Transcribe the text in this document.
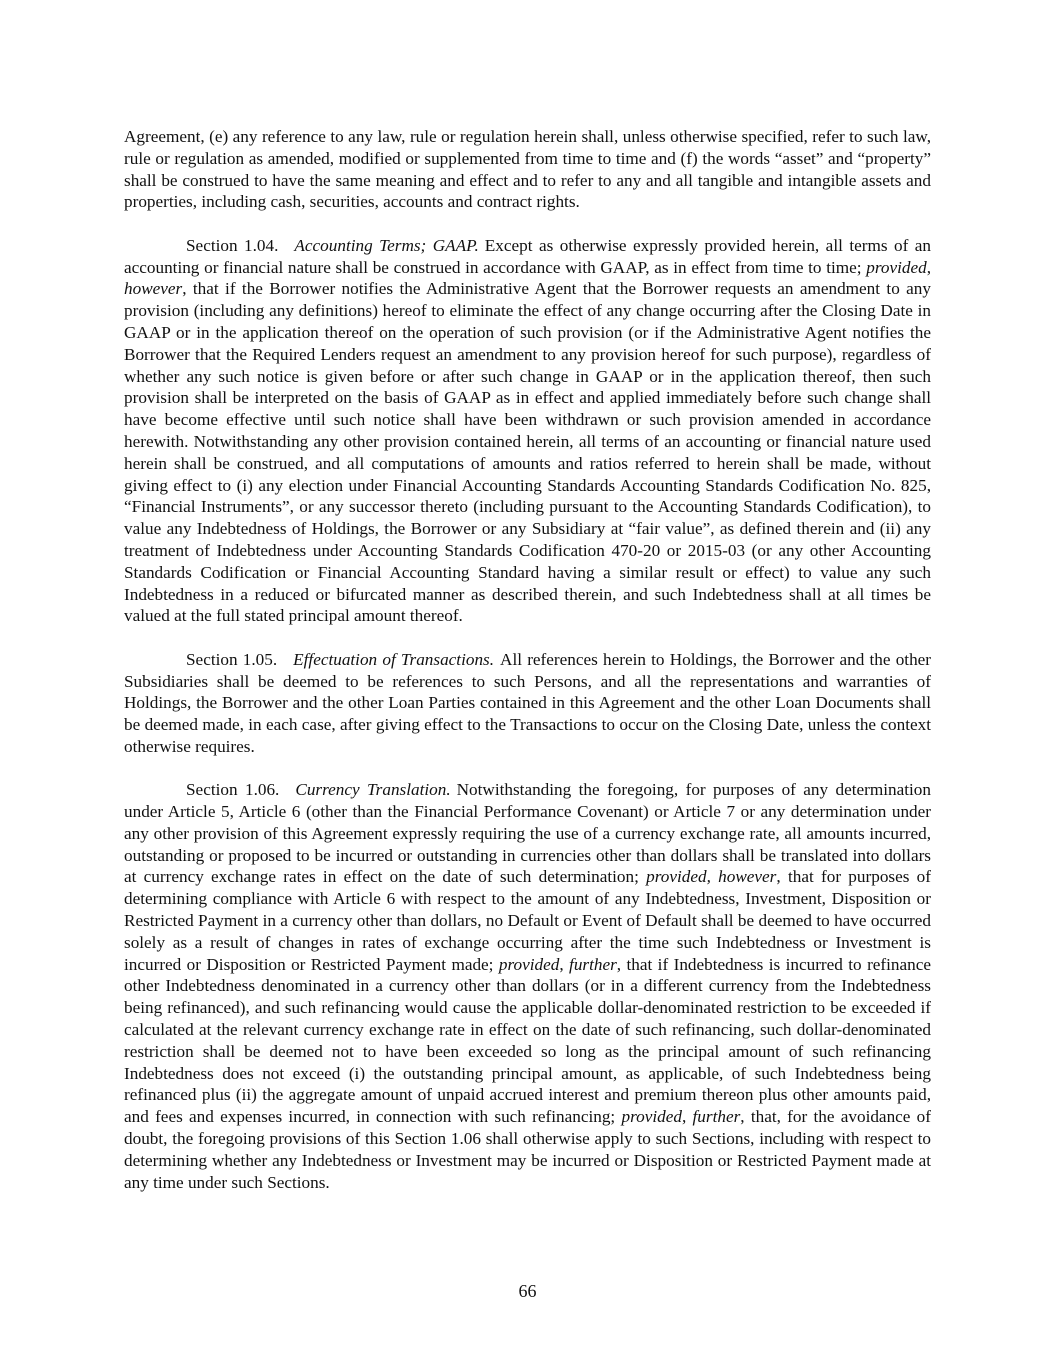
Agreement, (e) any reference to any law, rule or regulation herein shall, unless otherwise specified, refer to such law, rule or regulation as amended, modified or supplemented from time to time and (f) the words “asset” and “property” shall be construed to have the same meaning and effect and to refer to any and all tangible and intangible assets and properties, including cash, securities, accounts and contract rights.

Section 1.04. Accounting Terms; GAAP. Except as otherwise expressly provided herein, all terms of an accounting or financial nature shall be construed in accordance with GAAP, as in effect from time to time; provided, however, that if the Borrower notifies the Administrative Agent that the Borrower requests an amendment to any provision (including any definitions) hereof to eliminate the effect of any change occurring after the Closing Date in GAAP or in the application thereof on the operation of such provision (or if the Administrative Agent notifies the Borrower that the Required Lenders request an amendment to any provision hereof for such purpose), regardless of whether any such notice is given before or after such change in GAAP or in the application thereof, then such provision shall be interpreted on the basis of GAAP as in effect and applied immediately before such change shall have become effective until such notice shall have been withdrawn or such provision amended in accordance herewith. Notwithstanding any other provision contained herein, all terms of an accounting or financial nature used herein shall be construed, and all computations of amounts and ratios referred to herein shall be made, without giving effect to (i) any election under Financial Accounting Standards Accounting Standards Codification No. 825, “Financial Instruments”, or any successor thereto (including pursuant to the Accounting Standards Codification), to value any Indebtedness of Holdings, the Borrower or any Subsidiary at “fair value”, as defined therein and (ii) any treatment of Indebtedness under Accounting Standards Codification 470-20 or 2015-03 (or any other Accounting Standards Codification or Financial Accounting Standard having a similar result or effect) to value any such Indebtedness in a reduced or bifurcated manner as described therein, and such Indebtedness shall at all times be valued at the full stated principal amount thereof.

Section 1.05. Effectuation of Transactions. All references herein to Holdings, the Borrower and the other Subsidiaries shall be deemed to be references to such Persons, and all the representations and warranties of Holdings, the Borrower and the other Loan Parties contained in this Agreement and the other Loan Documents shall be deemed made, in each case, after giving effect to the Transactions to occur on the Closing Date, unless the context otherwise requires.

Section 1.06. Currency Translation. Notwithstanding the foregoing, for purposes of any determination under Article 5, Article 6 (other than the Financial Performance Covenant) or Article 7 or any determination under any other provision of this Agreement expressly requiring the use of a currency exchange rate, all amounts incurred, outstanding or proposed to be incurred or outstanding in currencies other than dollars shall be translated into dollars at currency exchange rates in effect on the date of such determination; provided, however, that for purposes of determining compliance with Article 6 with respect to the amount of any Indebtedness, Investment, Disposition or Restricted Payment in a currency other than dollars, no Default or Event of Default shall be deemed to have occurred solely as a result of changes in rates of exchange occurring after the time such Indebtedness or Investment is incurred or Disposition or Restricted Payment made; provided, further, that if Indebtedness is incurred to refinance other Indebtedness denominated in a currency other than dollars (or in a different currency from the Indebtedness being refinanced), and such refinancing would cause the applicable dollar-denominated restriction to be exceeded if calculated at the relevant currency exchange rate in effect on the date of such refinancing, such dollar-denominated restriction shall be deemed not to have been exceeded so long as the principal amount of such refinancing Indebtedness does not exceed (i) the outstanding principal amount, as applicable, of such Indebtedness being refinanced plus (ii) the aggregate amount of unpaid accrued interest and premium thereon plus other amounts paid, and fees and expenses incurred, in connection with such refinancing; provided, further, that, for the avoidance of doubt, the foregoing provisions of this Section 1.06 shall otherwise apply to such Sections, including with respect to determining whether any Indebtedness or Investment may be incurred or Disposition or Restricted Payment made at any time under such Sections.

66
